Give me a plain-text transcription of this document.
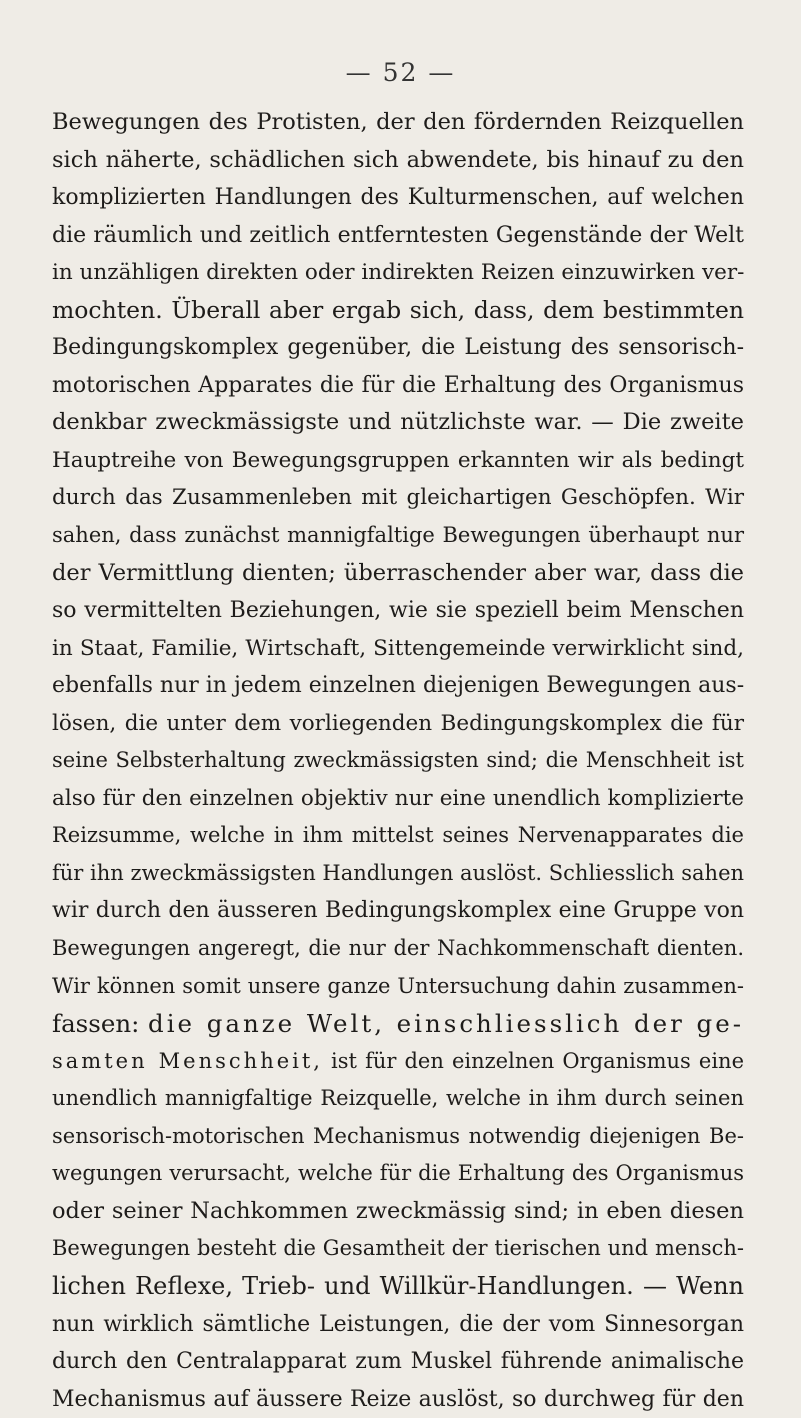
— 52 —
Bewegungen des Protisten, der den fördernden Reizquellen
sich näherte, schädlichen sich abwendete, bis hinauf zu den
komplizierten Handlungen des Kulturmenschen, auf welchen
die räumlich und zeitlich entferntesten Gegenstände der Welt
in unzähligen direkten oder indirekten Reizen einzuwirken ver-
mochten. Überall aber ergab sich, dass, dem bestimmten
Bedingungskomplex gegenüber, die Leistung des sensorisch-
motorischen Apparates die für die Erhaltung des Organismus
denkbar zweckmässigste und nützlichste war. — Die zweite
Hauptreihe von Bewegungsgruppen erkannten wir als bedingt
durch das Zusammenleben mit gleichartigen Geschöpfen. Wir
sahen, dass zunächst mannigfaltige Bewegungen überhaupt nur
der Vermittlung dienten; überraschender aber war, dass die
so vermittelten Beziehungen, wie sie speziell beim Menschen
in Staat, Familie, Wirtschaft, Sittengemeinde verwirklicht sind,
ebenfalls nur in jedem einzelnen diejenigen Bewegungen aus-
lösen, die unter dem vorliegenden Bedingungskomplex die für
seine Selbsterhaltung zweckmässigsten sind; die Menschheit ist
also für den einzelnen objektiv nur eine unendlich komplizierte
Reizsumme, welche in ihm mittelst seines Nervenapparates die
für ihn zweckmässigsten Handlungen auslöst. Schliesslich sahen
wir durch den äusseren Bedingungskomplex eine Gruppe von
Bewegungen angeregt, die nur der Nachkommenschaft dienten.
Wir können somit unsere ganze Untersuchung dahin zusammen-
fassen: die ganze Welt, einschliesslich der ge-
samten Menschheit, ist für den einzelnen Organismus eine
unendlich mannigfaltige Reizquelle, welche in ihm durch seinen
sensorisch-motorischen Mechanismus notwendig diejenigen Be-
wegungen verursacht, welche für die Erhaltung des Organismus
oder seiner Nachkommen zweckmässig sind; in eben diesen
Bewegungen besteht die Gesamtheit der tierischen und mensch-
lichen Reflexe, Trieb- und Willkür-Handlungen. — Wenn
nun wirklich sämtliche Leistungen, die der vom Sinnesorgan
durch den Centralapparat zum Muskel führende animalische
Mechanismus auf äussere Reize auslöst, so durchweg für den
